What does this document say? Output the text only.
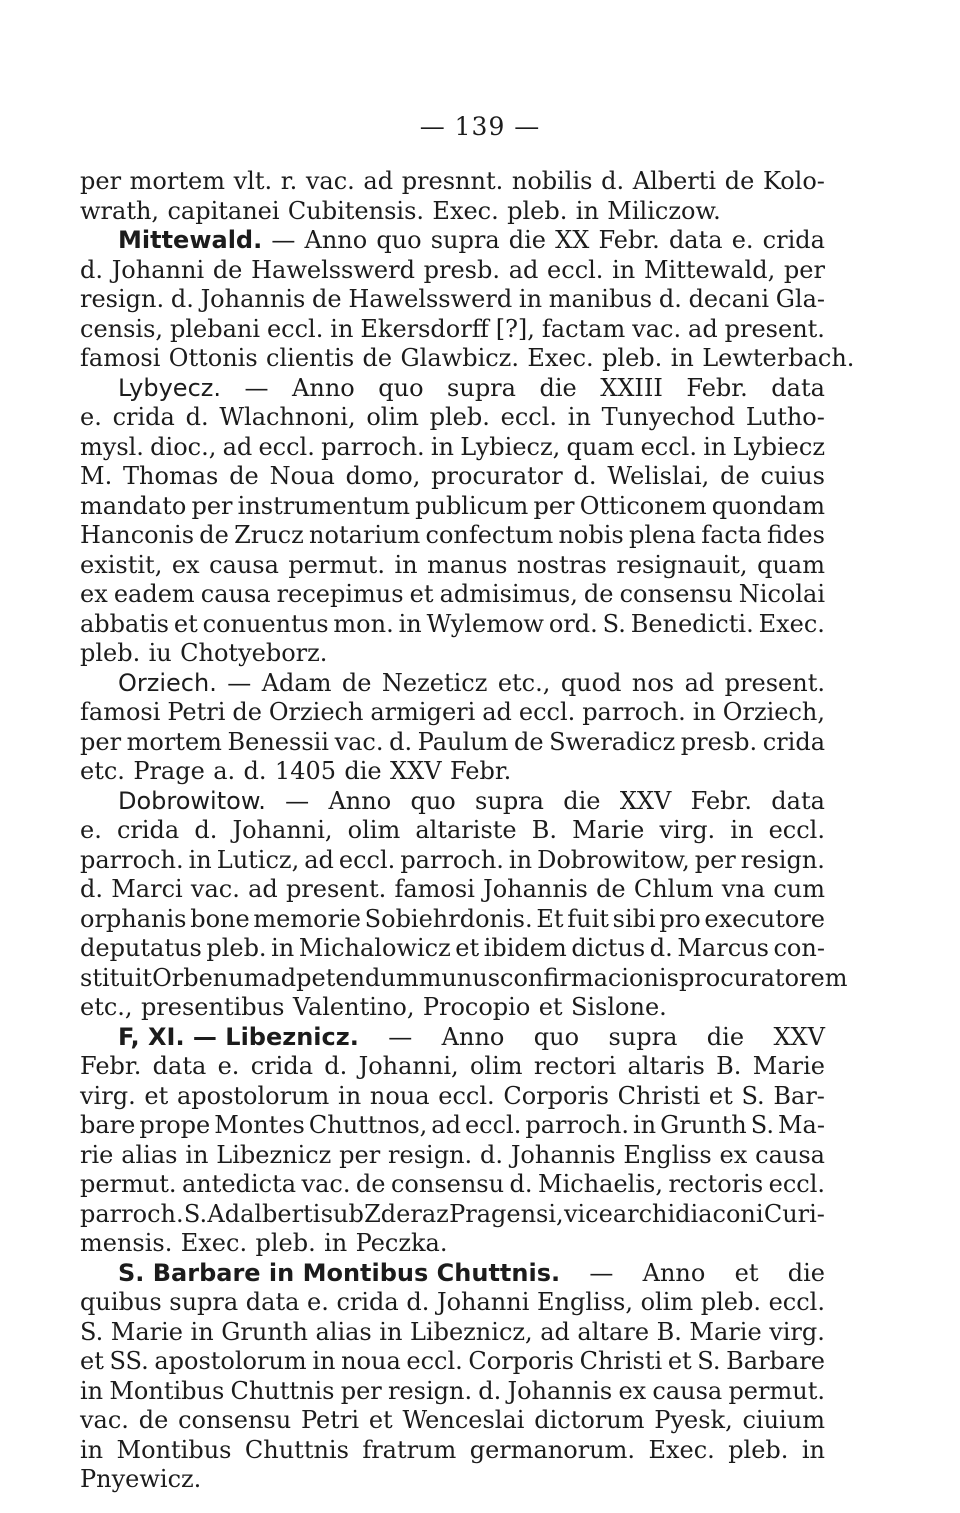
— 139 —
per mortem vlt. r. vac. ad presnnt. nobilis d. Alberti de Kolo-
wrath, capitanei Cubitensis. Exec. pleb. in Miliczow.
Mittewald. — Anno quo supra die XX Febr. data e. crida
d. Johanni de Hawelsswerd presb. ad eccl. in Mittewald, per
resign. d. Johannis de Hawelsswerd in manibus d. decani Gla-
censis, plebani eccl. in Ekersdorff [?], factam vac. ad present.
famosi Ottonis clientis de Glawbicz. Exec. pleb. in Lewterbach.
Lybyecz. — Anno quo supra die XXIII Febr. data
e. crida d. Wlachnoni, olim pleb. eccl. in Tunyechod Lutho-
mysl. dioc., ad eccl. parroch. in Lybiecz, quam eccl. in Lybiecz
M. Thomas de Noua domo, procurator d. Welislai, de cuius
mandato per instrumentum publicum per Otticonem quondam
Hanconis de Zrucz notarium confectum nobis plena facta fides
existit, ex causa permut. in manus nostras resignauit, quam
ex eadem causa recepimus et admisimus, de consensu Nicolai
abbatis et conuentus mon. in Wylemow ord. S. Benedicti. Exec.
pleb. iu Chotyeborz.
Orziech. — Adam de Nezeticz etc., quod nos ad present.
famosi Petri de Orziech armigeri ad eccl. parroch. in Orziech,
per mortem Benessii vac. d. Paulum de Sweradicz presb. crida
etc. Prage a. d. 1405 die XXV Febr.
Dobrowitow. — Anno quo supra die XXV Febr. data
e. crida d. Johanni, olim altariste B. Marie virg. in eccl.
parroch. in Luticz, ad eccl. parroch. in Dobrowitow, per resign.
d. Marci vac. ad present. famosi Johannis de Chlum vna cum
orphanis bone memorie Sobiehrdonis. Et fuit sibi pro executore
deputatus pleb. in Michalowicz et ibidem dictus d. Marcus con-
stituit Orbenum ad petendum munus confirmacionis procuratorem
etc., presentibus Valentino, Procopio et Sislone.
F, XI. — Libeznicz. — Anno quo supra die XXV
Febr. data e. crida d. Johanni, olim rectori altaris B. Marie
virg. et apostolorum in noua eccl. Corporis Christi et S. Bar-
bare prope Montes Chuttnos, ad eccl. parroch. in Grunth S. Ma-
rie alias in Libeznicz per resign. d. Johannis Engliss ex causa
permut. antedicta vac. de consensu d. Michaelis, rectoris eccl.
parroch. S. Adalberti sub Zderaz Pragensi, vicearchidiaconi Curi-
mensis. Exec. pleb. in Peczka.
S. Barbare in Montibus Chuttnis. — Anno et die
quibus supra data e. crida d. Johanni Engliss, olim pleb. eccl.
S. Marie in Grunth alias in Libeznicz, ad altare B. Marie virg.
et SS. apostolorum in noua eccl. Corporis Christi et S. Barbare
in Montibus Chuttnis per resign. d. Johannis ex causa permut.
vac. de consensu Petri et Wenceslai dictorum Pyesk, ciuium
in Montibus Chuttnis fratrum germanorum. Exec. pleb. in
Pnyewicz.
